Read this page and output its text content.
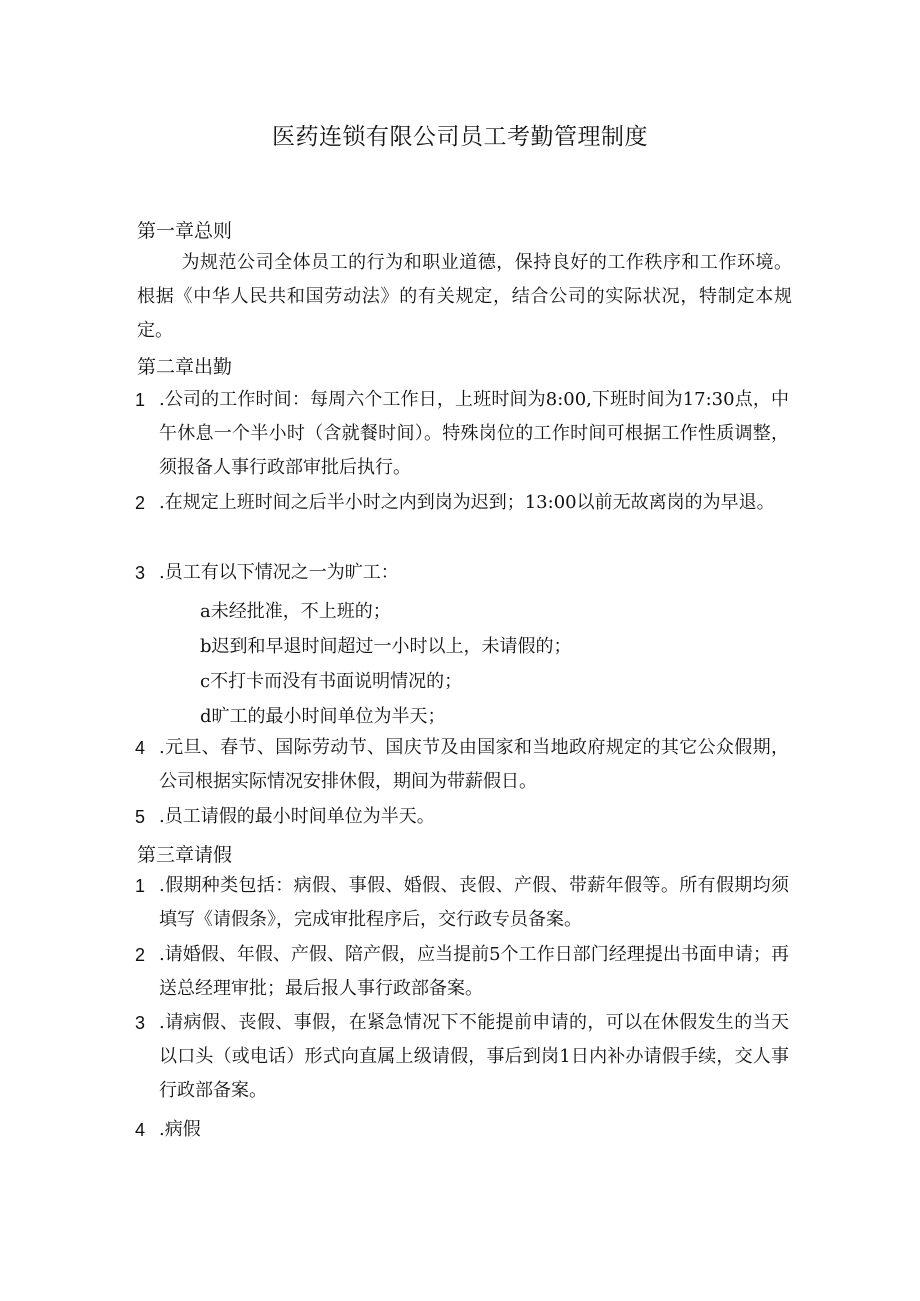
医药连锁有限公司员工考勤管理制度
第一章总则
为规范公司全体员工的行为和职业道德，保持良好的工作秩序和工作环境。根据《中华人民共和国劳动法》的有关规定，结合公司的实际状况，特制定本规定。
第二章出勤
1 .公司的工作时间：每周六个工作日，上班时间为8:00,下班时间为17:30点，中午休息一个半小时（含就餐时间）。特殊岗位的工作时间可根据工作性质调整，须报备人事行政部审批后执行。
2 .在规定上班时间之后半小时之内到岗为迟到；13:00以前无故离岗的为早退。
3 .员工有以下情况之一为旷工：
a未经批准，不上班的；
b迟到和早退时间超过一小时以上，未请假的；
c不打卡而没有书面说明情况的；
d旷工的最小时间单位为半天；
4 .元旦、春节、国际劳动节、国庆节及由国家和当地政府规定的其它公众假期，公司根据实际情况安排休假，期间为带薪假日。
5 .员工请假的最小时间单位为半天。
第三章请假
1 .假期种类包括：病假、事假、婚假、丧假、产假、带薪年假等。所有假期均须填写《请假条》，完成审批程序后，交行政专员备案。
2 .请婚假、年假、产假、陪产假，应当提前5个工作日部门经理提出书面申请；再送总经理审批；最后报人事行政部备案。
3 .请病假、丧假、事假，在紧急情况下不能提前申请的，可以在休假发生的当天以口头（或电话）形式向直属上级请假，事后到岗1日内补办请假手续，交人事行政部备案。
4 .病假
